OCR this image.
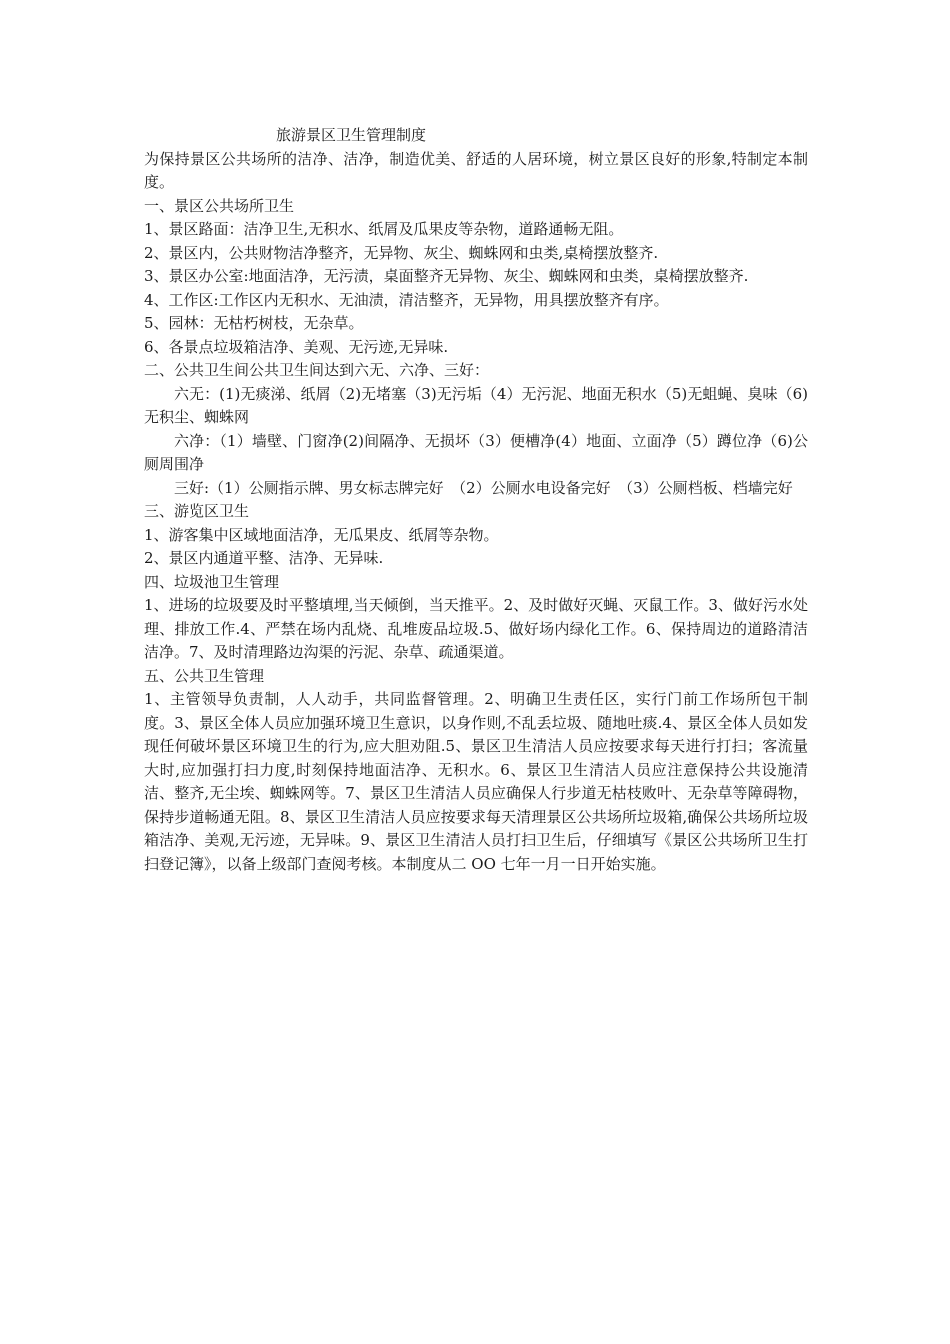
旅游景区卫生管理制度

为保持景区公共场所的洁净、洁净，制造优美、舒适的人居环境，树立景区良好的形象,特制定本制度。

一、景区公共场所卫生

1、景区路面：洁净卫生,无积水、纸屑及瓜果皮等杂物，道路通畅无阻。

2、景区内，公共财物洁净整齐，无异物、灰尘、蜘蛛网和虫类,桌椅摆放整齐.

3、景区办公室:地面洁净，无污渍，桌面整齐无异物、灰尘、蜘蛛网和虫类，桌椅摆放整齐.

4、工作区:工作区内无积水、无油渍，清洁整齐，无异物，用具摆放整齐有序。

5、园林：无枯朽树枝，无杂草。

6、各景点垃圾箱洁净、美观、无污迹,无异味.

二、公共卫生间公共卫生间达到六无、六净、三好：

六无：(1)无痰涕、纸屑（2)无堵塞（3)无污垢（4）无污泥、地面无积水（5)无蛆蝇、臭味（6)无积尘、蜘蛛网

六净：（1）墙壁、门窗净(2)间隔净、无损坏（3）便槽净(4）地面、立面净（5）蹲位净（6)公厕周围净

三好:（1）公厕指示牌、男女标志牌完好　（2）公厕水电设备完好　（3）公厕档板、档墙完好

三、游览区卫生

1、游客集中区域地面洁净，无瓜果皮、纸屑等杂物。

2、景区内通道平整、洁净、无异味.

四、垃圾池卫生管理

1、进场的垃圾要及时平整填埋,当天倾倒，当天推平。2、及时做好灭蝇、灭鼠工作。3、做好污水处理、排放工作.4、严禁在场内乱烧、乱堆废品垃圾.5、做好场内绿化工作。6、保持周边的道路清洁洁净。7、及时清理路边沟渠的污泥、杂草、疏通渠道。

五、公共卫生管理

1、主管领导负责制，人人动手，共同监督管理。2、明确卫生责任区，实行门前工作场所包干制度。3、景区全体人员应加强环境卫生意识，以身作则,不乱丢垃圾、随地吐痰.4、景区全体人员如发现任何破坏景区环境卫生的行为,应大胆劝阻.5、景区卫生清洁人员应按要求每天进行打扫；客流量大时,应加强打扫力度,时刻保持地面洁净、无积水。6、景区卫生清洁人员应注意保持公共设施清洁、整齐,无尘埃、蜘蛛网等。7、景区卫生清洁人员应确保人行步道无枯枝败叶、无杂草等障碍物，保持步道畅通无阻。8、景区卫生清洁人员应按要求每天清理景区公共场所垃圾箱,确保公共场所垃圾箱洁净、美观,无污迹，无异味。9、景区卫生清洁人员打扫卫生后，仔细填写《景区公共场所卫生打扫登记簿》，以备上级部门查阅考核。本制度从二 OO 七年一月一日开始实施。
